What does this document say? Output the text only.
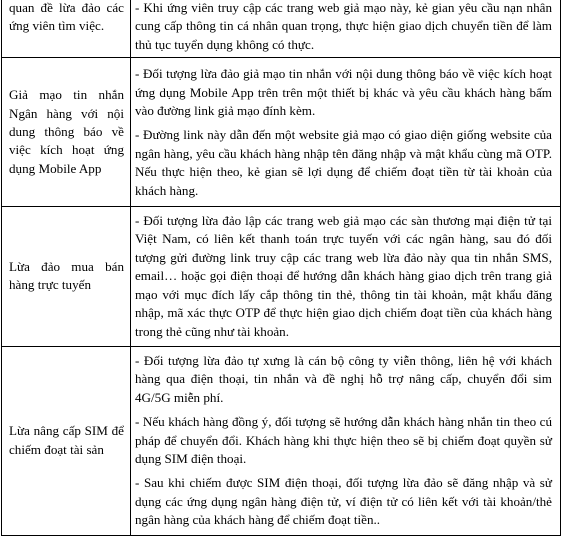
quan đề lừa đảo các ứng viên tìm việc.	- Khi ứng viên truy cập các trang web giả mạo này, kẻ gian yêu cầu nạn nhân cung cấp thông tin cá nhân quan trọng, thực hiện giao dịch chuyển tiền để làm thủ tục tuyển dụng không có thực.

Giả mạo tin nhắn Ngân hàng với nội dung thông báo về việc kích hoạt ứng dụng Mobile App	- Đối tượng lừa đảo giả mạo tin nhắn với nội dung thông báo về việc kích hoạt ứng dụng Mobile App trên trên một thiết bị khác và yêu cầu khách hàng bấm vào đường link giả mạo đính kèm.

- Đường link này dẫn đến một website giả mạo có giao diện giống website của ngân hàng, yêu cầu khách hàng nhập tên đăng nhập và mật khẩu cùng mã OTP. Nếu thực hiện theo, kẻ gian sẽ lợi dụng để chiếm đoạt tiền từ tài khoản của khách hàng.

Lừa đảo mua bán hàng trực tuyến	- Đối tượng lừa đảo lập các trang web giả mạo các sàn thương mại điện tử tại Việt Nam, có liên kết thanh toán trực tuyến với các ngân hàng, sau đó đối tượng gửi đường link truy cập các trang web lừa đảo này qua tin nhắn SMS, email… hoặc gọi điện thoại để hướng dẫn khách hàng giao dịch trên trang giả mạo với mục đích lấy cắp thông tin thẻ, thông tin tài khoản, mật khẩu đăng nhập, mã xác thực OTP để thực hiện giao dịch chiếm đoạt tiền của khách hàng trong thẻ cũng như tài khoản.

Lừa nâng cấp SIM để chiếm đoạt tài sản	- Đối tượng lừa đảo tự xưng là cán bộ công ty viễn thông, liên hệ với khách hàng qua điện thoại, tin nhắn và đề nghị hỗ trợ nâng cấp, chuyển đổi sim 4G/5G miễn phí.

- Nếu khách hàng đồng ý, đối tượng sẽ hướng dẫn khách hàng nhắn tin theo cú pháp để chuyển đổi. Khách hàng khi thực hiện theo sẽ bị chiếm đoạt quyền sử dụng SIM điện thoại.

- Sau khi chiếm được SIM điện thoại, đối tượng lừa đảo sẽ đăng nhập và sử dụng các ứng dụng ngân hàng điện tử, ví điện tử có liên kết với tài khoản/thẻ ngân hàng của khách hàng để chiếm đoạt tiền..
